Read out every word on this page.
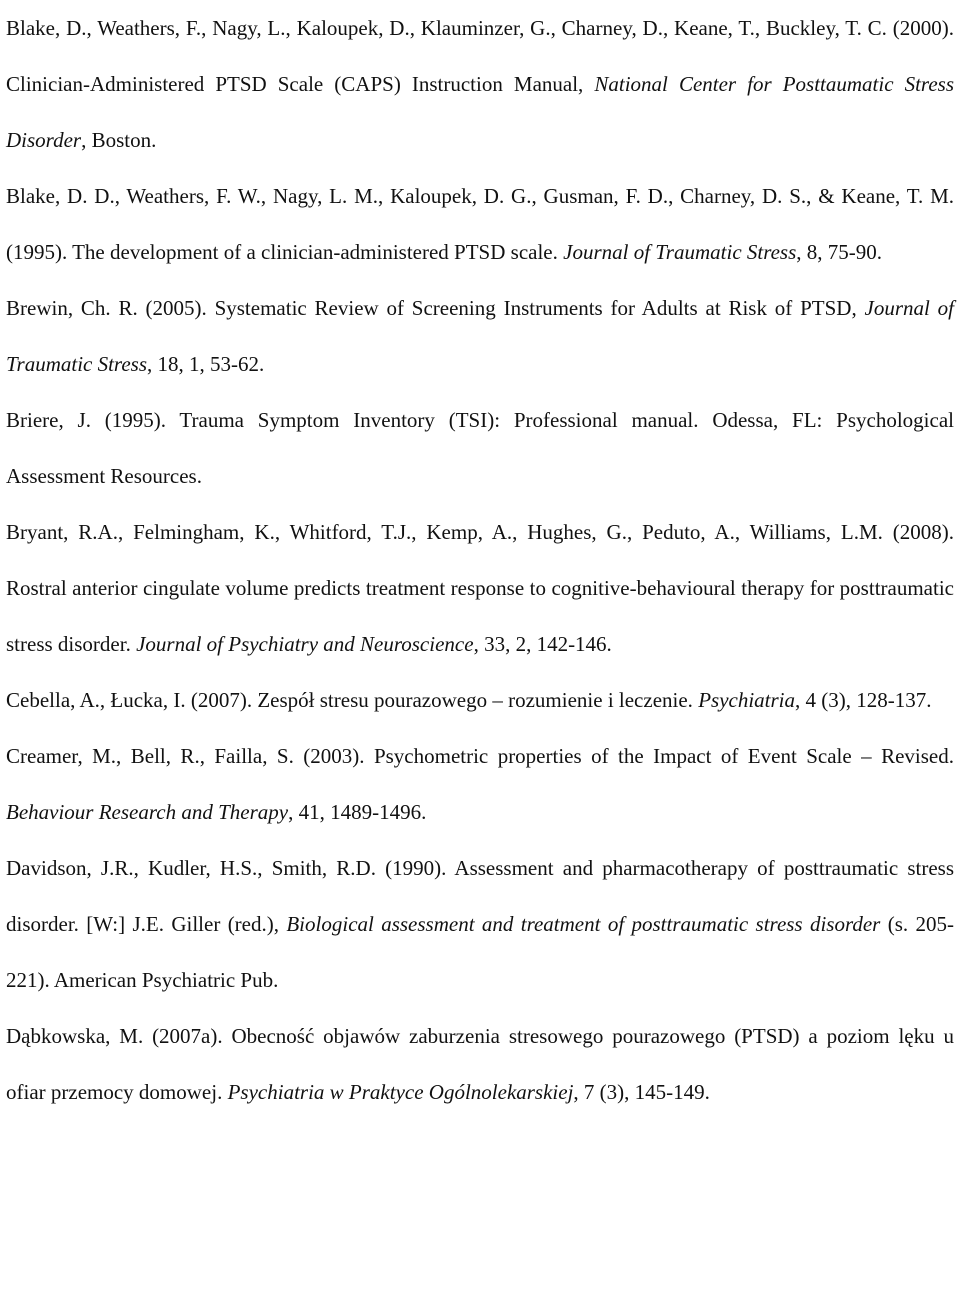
Blake, D., Weathers, F., Nagy, L., Kaloupek, D., Klauminzer, G., Charney, D., Keane, T., Buckley, T. C. (2000). Clinician-Administered PTSD Scale (CAPS) Instruction Manual, National Center for Posttaumatic Stress Disorder, Boston.

Blake, D. D., Weathers, F. W., Nagy, L. M., Kaloupek, D. G., Gusman, F. D., Charney, D. S., & Keane, T. M. (1995). The development of a clinician-administered PTSD scale. Journal of Traumatic Stress, 8, 75-90.

Brewin, Ch. R. (2005). Systematic Review of Screening Instruments for Adults at Risk of PTSD, Journal of Traumatic Stress, 18, 1, 53-62.

Briere, J. (1995). Trauma Symptom Inventory (TSI): Professional manual. Odessa, FL: Psychological Assessment Resources.

Bryant, R.A., Felmingham, K., Whitford, T.J., Kemp, A., Hughes, G., Peduto, A., Williams, L.M. (2008). Rostral anterior cingulate volume predicts treatment response to cognitive-behavioural therapy for posttraumatic stress disorder. Journal of Psychiatry and Neuroscience, 33, 2, 142-146.

Cebella, A., Łucka, I. (2007). Zespół stresu pourazowego – rozumienie i leczenie. Psychiatria, 4 (3), 128-137.

Creamer, M., Bell, R., Failla, S. (2003). Psychometric properties of the Impact of Event Scale – Revised. Behaviour Research and Therapy, 41, 1489-1496.

Davidson, J.R., Kudler, H.S., Smith, R.D. (1990). Assessment and pharmacotherapy of posttraumatic stress disorder. [W:] J.E. Giller (red.), Biological assessment and treatment of posttraumatic stress disorder (s. 205-221). American Psychiatric Pub.

Dąbkowska, M. (2007a). Obecność objawów zaburzenia stresowego pourazowego (PTSD) a poziom lęku u ofiar przemocy domowej. Psychiatria w Praktyce Ogólnolekarskiej, 7 (3), 145-149.
